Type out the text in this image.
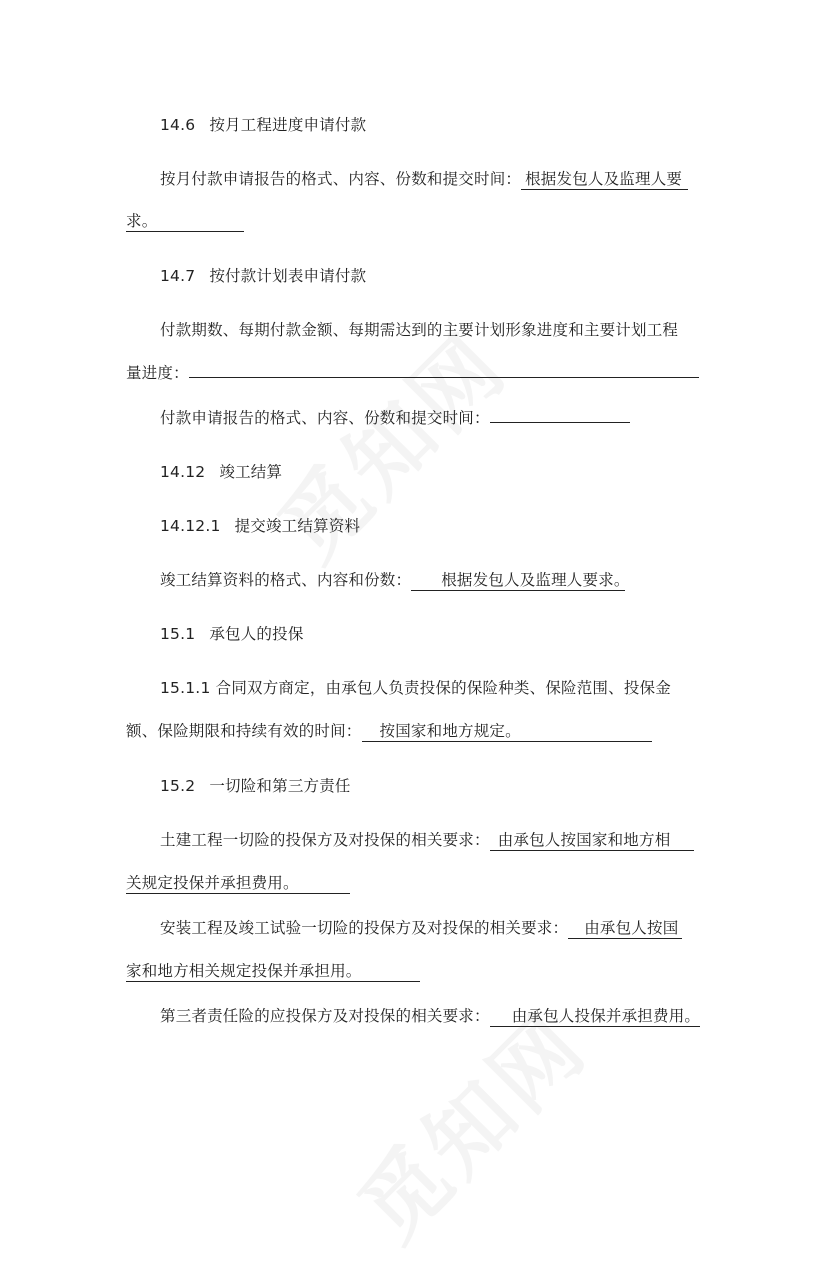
14.6 按月工程进度申请付款
按月付款申请报告的格式、内容、份数和提交时间： 根据发包人及监理人要
求。
14.7 按付款计划表申请付款
付款期数、每期付款金额、每期需达到的主要计划形象进度和主要计划工程
量进度：
付款申请报告的格式、内容、份数和提交时间：
14.12 竣工结算
14.12.1 提交竣工结算资料
竣工结算资料的格式、内容和份数： 根据发包人及监理人要求。
15.1 承包人的投保
15.1.1 合同双方商定，由承包人负责投保的保险种类、保险范围、投保金
额、保险期限和持续有效的时间： 按国家和地方规定。
15.2 一切险和第三方责任
土建工程一切险的投保方及对投保的相关要求： 由承包人按国家和地方相
关规定投保并承担费用。
安装工程及竣工试验一切险的投保方及对投保的相关要求： 由承包人按国
家和地方相关规定投保并承担用。
第三者责任险的应投保方及对投保的相关要求： 由承包人投保并承担费用。
